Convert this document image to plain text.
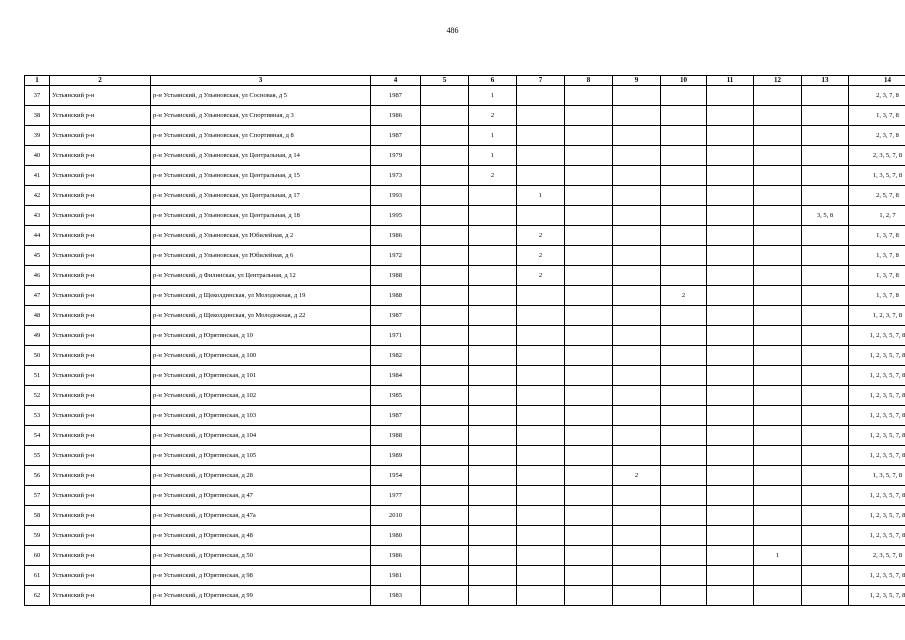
486
1	2	3	4	5	6	7	8	9	10	11	12	13	14
37	Устьянский р-н	р-н Устьянский, д Ульяновская, ул Сосновая, д 5	1987		1								2, 3, 7, 8
38	Устьянский р-н	р-н Устьянский, д Ульяновская, ул Спортивная, д 3	1986		2								1, 3, 7, 8
39	Устьянский р-н	р-н Устьянский, д Ульяновская, ул Спортивная, д 8	1987		1								2, 3, 7, 8
40	Устьянский р-н	р-н Устьянский, д Ульяновская, ул Центральная, д 14	1979		1								2, 3, 5, 7, 8
41	Устьянский р-н	р-н Устьянский, д Ульяновская, ул Центральная, д 15	1973		2								1, 3, 5, 7, 8
42	Устьянский р-н	р-н Устьянский, д Ульяновская, ул Центральная, д 17	1993			1							2, 5, 7, 8
43	Устьянский р-н	р-н Устьянский, д Ульяновская, ул Центральная, д 18	1995									3, 5, 8	1, 2, 7
44	Устьянский р-н	р-н Устьянский, д Ульяновская, ул Юбилейная, д 2	1986			2							1, 3, 7, 8
45	Устьянский р-н	р-н Устьянский, д Ульяновская, ул Юбилейная, д 6	1972			2							1, 3, 7, 8
46	Устьянский р-н	р-н Устьянский, д Филинская, ул Центральная, д 12	1988			2							1, 3, 7, 8
47	Устьянский р-н	р-н Устьянский, д Щеколдинская, ул Молодежная, д 19	1988						2				1, 3, 7, 8
48	Устьянский р-н	р-н Устьянский, д Щеколдинская, ул Молодежная, д 22	1987										1, 2, 3, 7, 8
49	Устьянский р-н	р-н Устьянский, д Юрятинская, д 10	1971										1, 2, 3, 5, 7, 8
50	Устьянский р-н	р-н Устьянский, д Юрятинская, д 100	1982										1, 2, 3, 5, 7, 8
51	Устьянский р-н	р-н Устьянский, д Юрятинская, д 101	1984										1, 2, 3, 5, 7, 8
52	Устьянский р-н	р-н Устьянский, д Юрятинская, д 102	1985										1, 2, 3, 5, 7, 8
53	Устьянский р-н	р-н Устьянский, д Юрятинская, д 103	1987										1, 2, 3, 5, 7, 8
54	Устьянский р-н	р-н Устьянский, д Юрятинская, д 104	1988										1, 2, 3, 5, 7, 8
55	Устьянский р-н	р-н Устьянский, д Юрятинская, д 105	1989										1, 2, 3, 5, 7, 8
56	Устьянский р-н	р-н Устьянский, д Юрятинская, д 28	1954					2					1, 3, 5, 7, 8
57	Устьянский р-н	р-н Устьянский, д Юрятинская, д 47	1977										1, 2, 3, 5, 7, 8
58	Устьянский р-н	р-н Устьянский, д Юрятинская, д 47а	2010										1, 2, 3, 5, 7, 8
59	Устьянский р-н	р-н Устьянский, д Юрятинская, д 48	1980										1, 2, 3, 5, 7, 8
60	Устьянский р-н	р-н Устьянский, д Юрятинская, д 50	1986								1		2, 3, 5, 7, 8
61	Устьянский р-н	р-н Устьянский, д Юрятинская, д 98	1981										1, 2, 3, 5, 7, 8
62	Устьянский р-н	р-н Устьянский, д Юрятинская, д 99	1983										1, 2, 3, 5, 7, 8
